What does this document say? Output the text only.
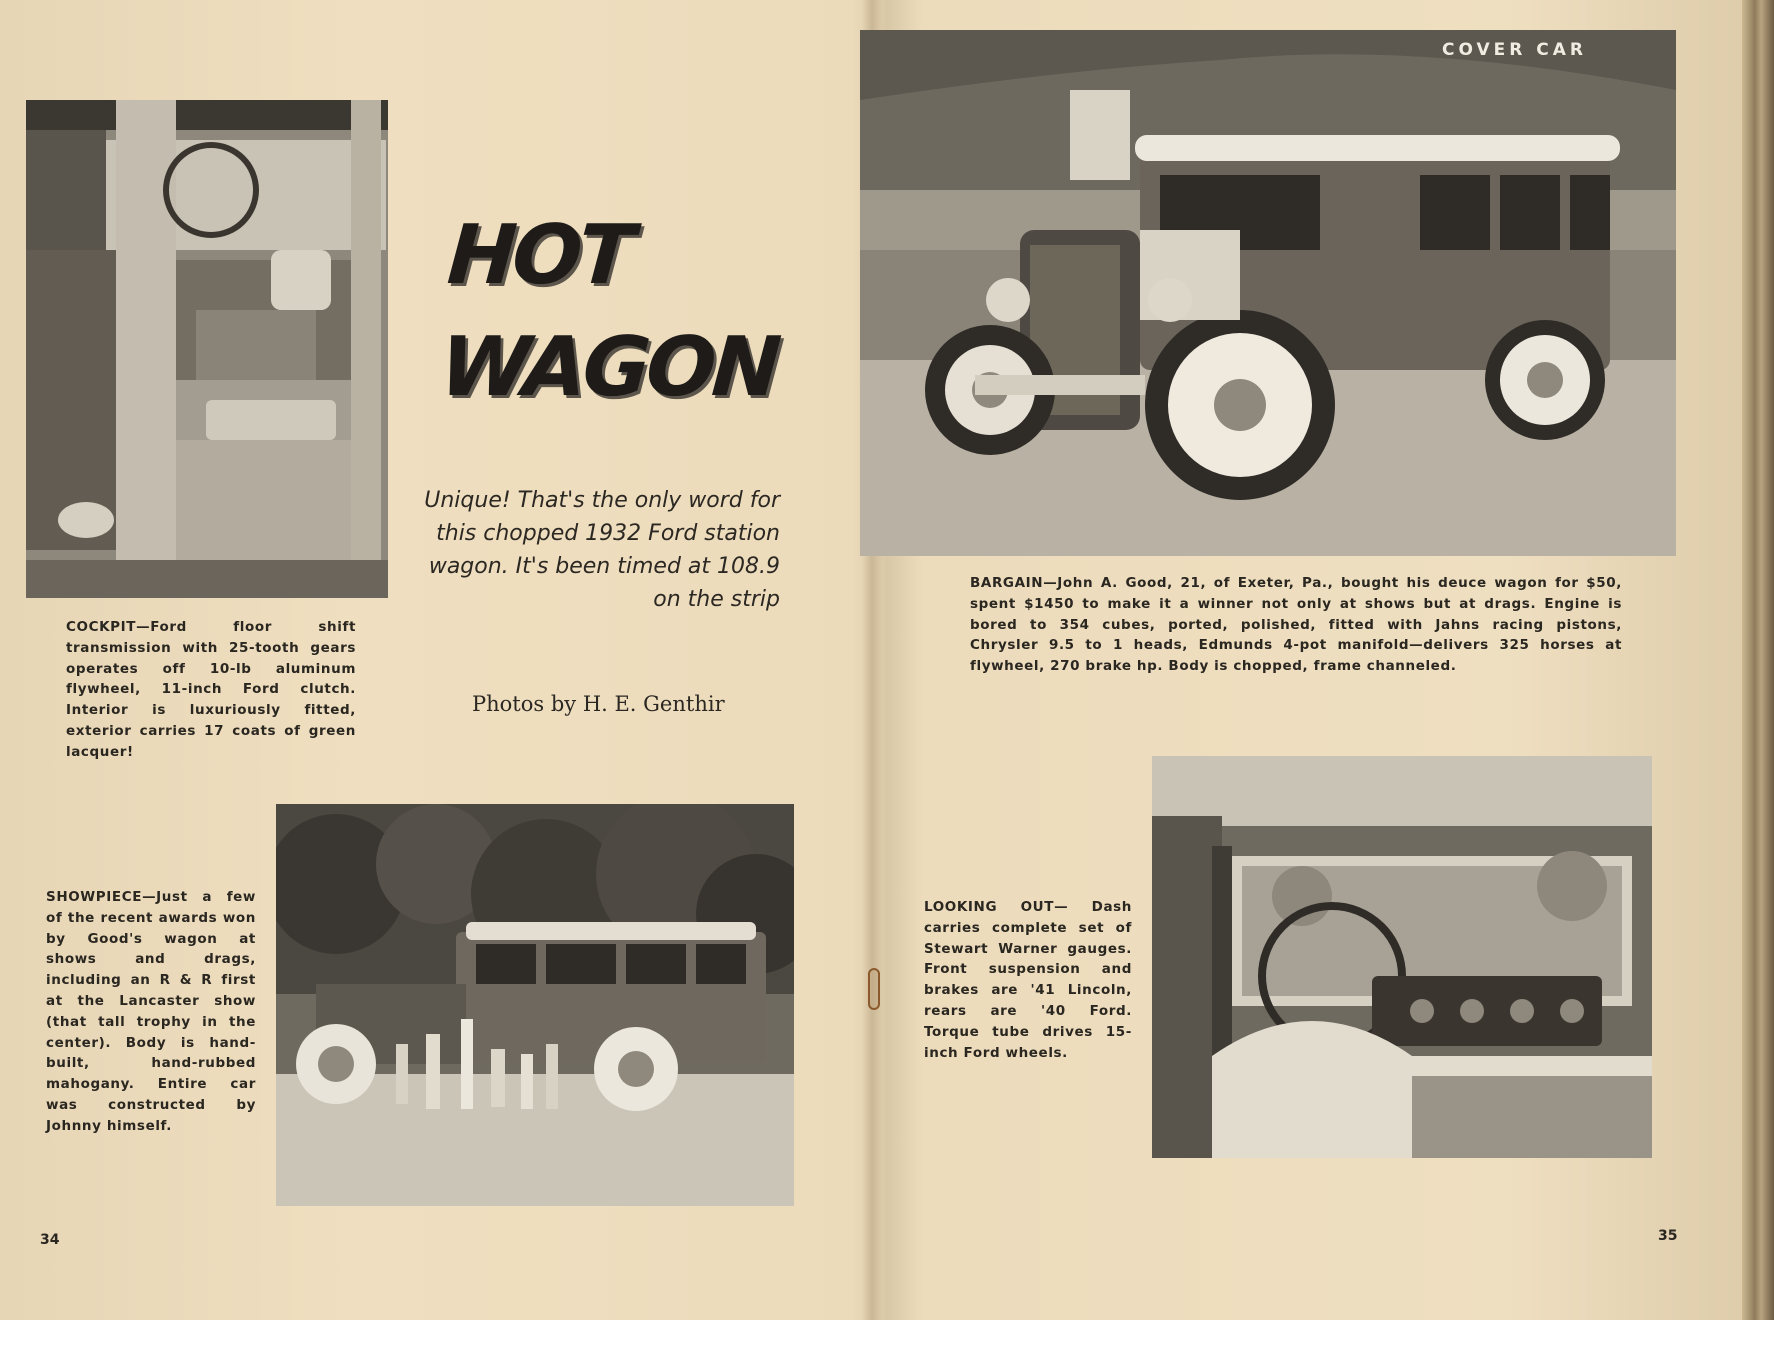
COCKPIT—Ford floor shift transmission with 25-tooth gears operates off 10-lb aluminum flywheel, 11-inch Ford clutch. Interior is luxuriously fitted, exterior carries 17 coats of green lacquer!

HOT
WAGON

Unique! That's the only word for this chopped 1932 Ford station wagon. It's been timed at 108.9 on the strip

Photos by H. E. Genthir

SHOWPIECE—Just a few of the recent awards won by Good's wagon at shows and drags, including an R & R first at the Lancaster show (that tall trophy in the center). Body is hand-built, hand-rubbed mahogany. Entire car was constructed by Johnny himself.

34
COVER CAR

BARGAIN—John A. Good, 21, of Exeter, Pa., bought his deuce wagon for $50, spent $1450 to make it a winner not only at shows but at drags. Engine is bored to 354 cubes, ported, polished, fitted with Jahns racing pistons, Chrysler 9.5 to 1 heads, Edmunds 4-pot manifold—delivers 325 horses at flywheel, 270 brake hp. Body is chopped, frame channeled.

LOOKING OUT— Dash carries complete set of Stewart Warner gauges. Front suspension and brakes are '41 Lincoln, rears are '40 Ford. Torque tube drives 15-inch Ford wheels.

35
